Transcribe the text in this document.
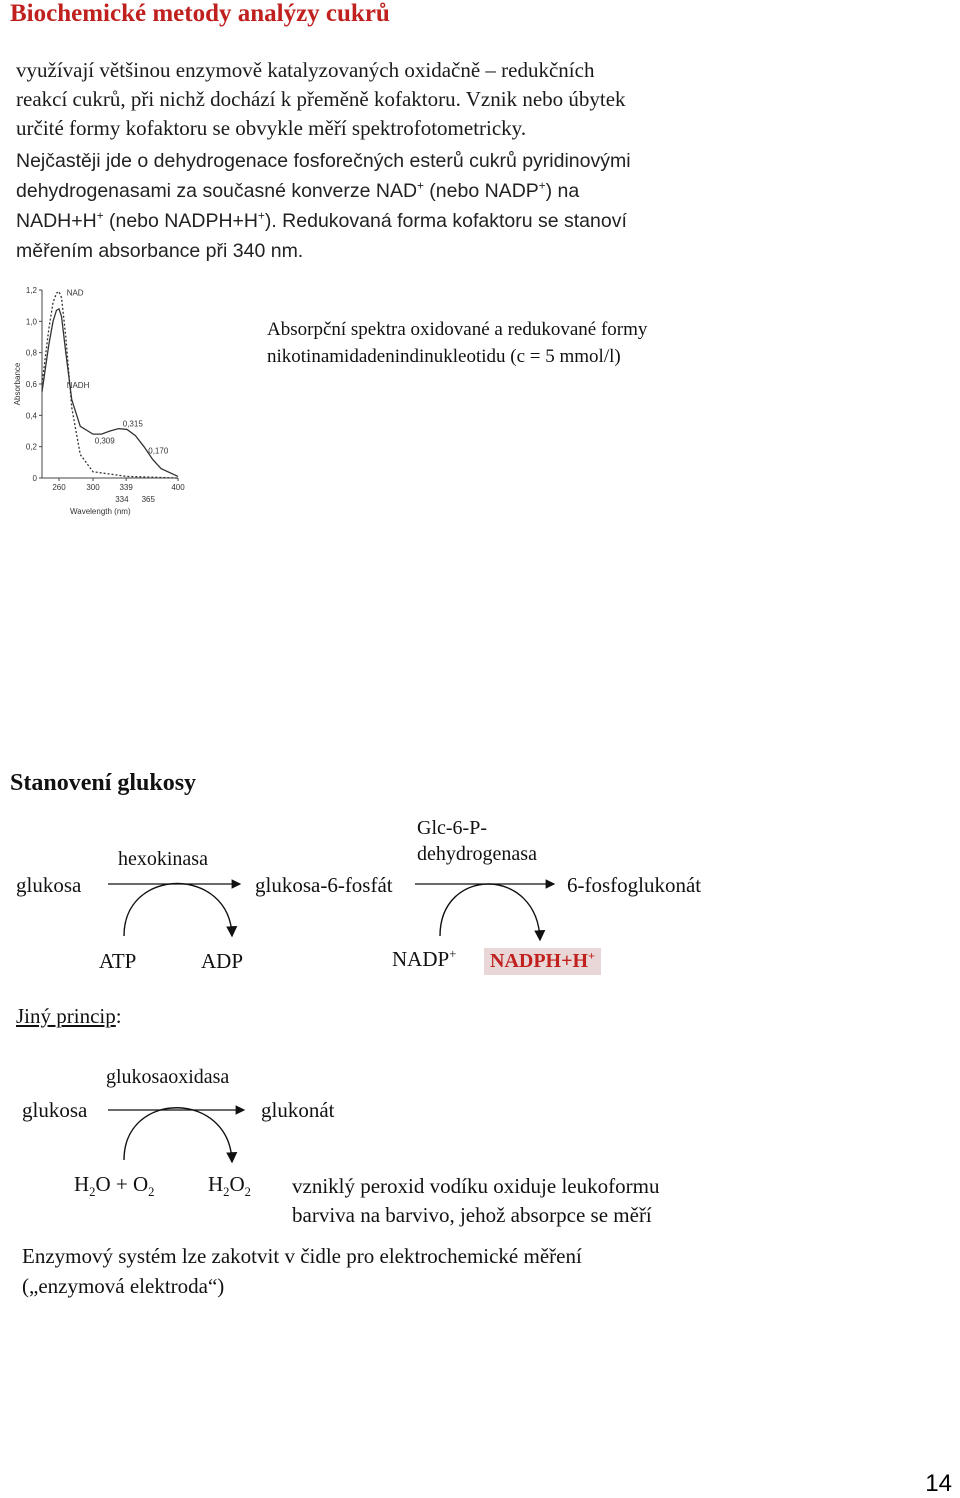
Biochemické metody analýzy cukrů
využívají většinou enzymově katalyzovaných oxidačně – redukčních
reakcí cukrů, při nichž dochází k přeměně kofaktoru. Vznik nebo úbytek
určité formy kofaktoru se obvykle měří spektrofotometricky.
Nejčastěji jde o dehydrogenace fosforečných esterů cukrů pyridinovými
dehydrogenasami za současné konverze NAD+ (nebo NADP+) na
NADH+H+ (nebo NADPH+H+). Redukovaná forma kofaktoru se stanoví
měřením absorbance při 340 nm.
0
0,2
0,4
0,6
0,8
1,0
1,2
260	300 339	400
334 365
Wavelength (nm)
Absorbance
NAD
NADH
0,309
0,315
0,170
Absorpční spektra oxidované a redukované formy
nikotinamidadenindinukleotidu (c = 5 mmol/l)
Stanovení glukosy
glukosa
hexokinasa
glukosa-6-fosfát
Glc-6-P-
dehydrogenasa
6-fosfoglukonát
ATP	ADP	NADP+	NADPH+H+
Jiný princip:
glukosa
glukosaoxidasa
glukonát
$H_2O + O_2$	$H_2O_2$ vzniklý peroxid vodíku oxiduje leukoformu
barviva na barvivo, jehož absorpce se měří
Enzymový systém lze zakotvit v čidle pro elektrochemické měření
(„enzymová elektroda“)
14
